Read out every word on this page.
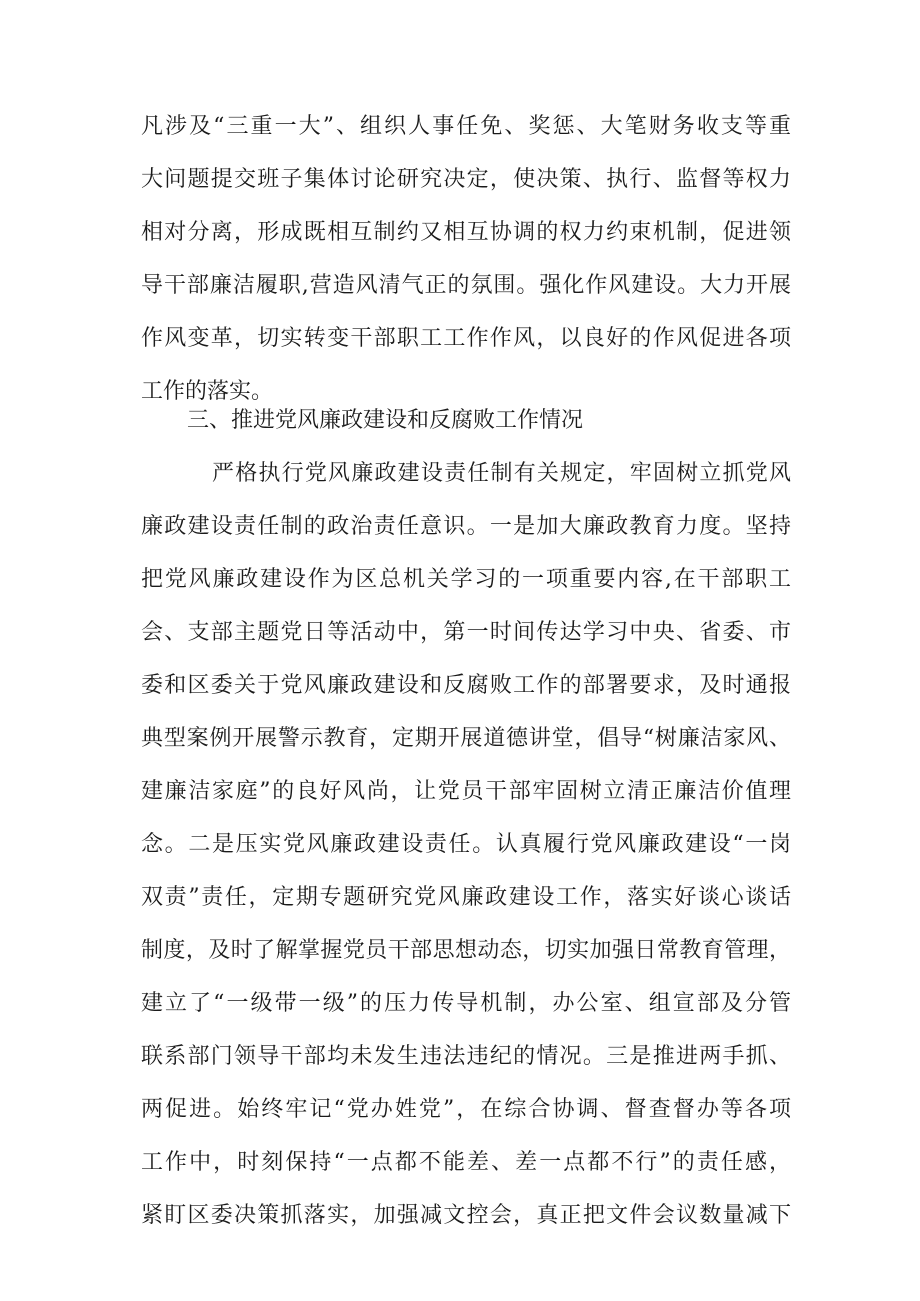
凡涉及“三重一大”、组织人事任免、奖惩、大笔财务收支等重
大问题提交班子集体讨论研究决定，使决策、执行、监督等权力
相对分离，形成既相互制约又相互协调的权力约束机制，促进领
导干部廉洁履职,营造风清气正的氛围。强化作风建设。大力开展
作风变革，切实转变干部职工工作作风，以良好的作风促进各项
工作的落实。
三、推进党风廉政建设和反腐败工作情况
严格执行党风廉政建设责任制有关规定，牢固树立抓党风
廉政建设责任制的政治责任意识。一是加大廉政教育力度。坚持
把党风廉政建设作为区总机关学习的一项重要内容,在干部职工
会、支部主题党日等活动中，第一时间传达学习中央、省委、市
委和区委关于党风廉政建设和反腐败工作的部署要求，及时通报
典型案例开展警示教育，定期开展道德讲堂，倡导“树廉洁家风、
建廉洁家庭”的良好风尚，让党员干部牢固树立清正廉洁价值理
念。二是压实党风廉政建设责任。认真履行党风廉政建设“一岗
双责”责任，定期专题研究党风廉政建设工作，落实好谈心谈话
制度，及时了解掌握党员干部思想动态，切实加强日常教育管理，
建立了“一级带一级”的压力传导机制，办公室、组宣部及分管
联系部门领导干部均未发生违法违纪的情况。三是推进两手抓、
两促进。始终牢记“党办姓党”，在综合协调、督查督办等各项
工作中，时刻保持“一点都不能差、差一点都不行”的责任感，
紧盯区委决策抓落实，加强减文控会，真正把文件会议数量减下
